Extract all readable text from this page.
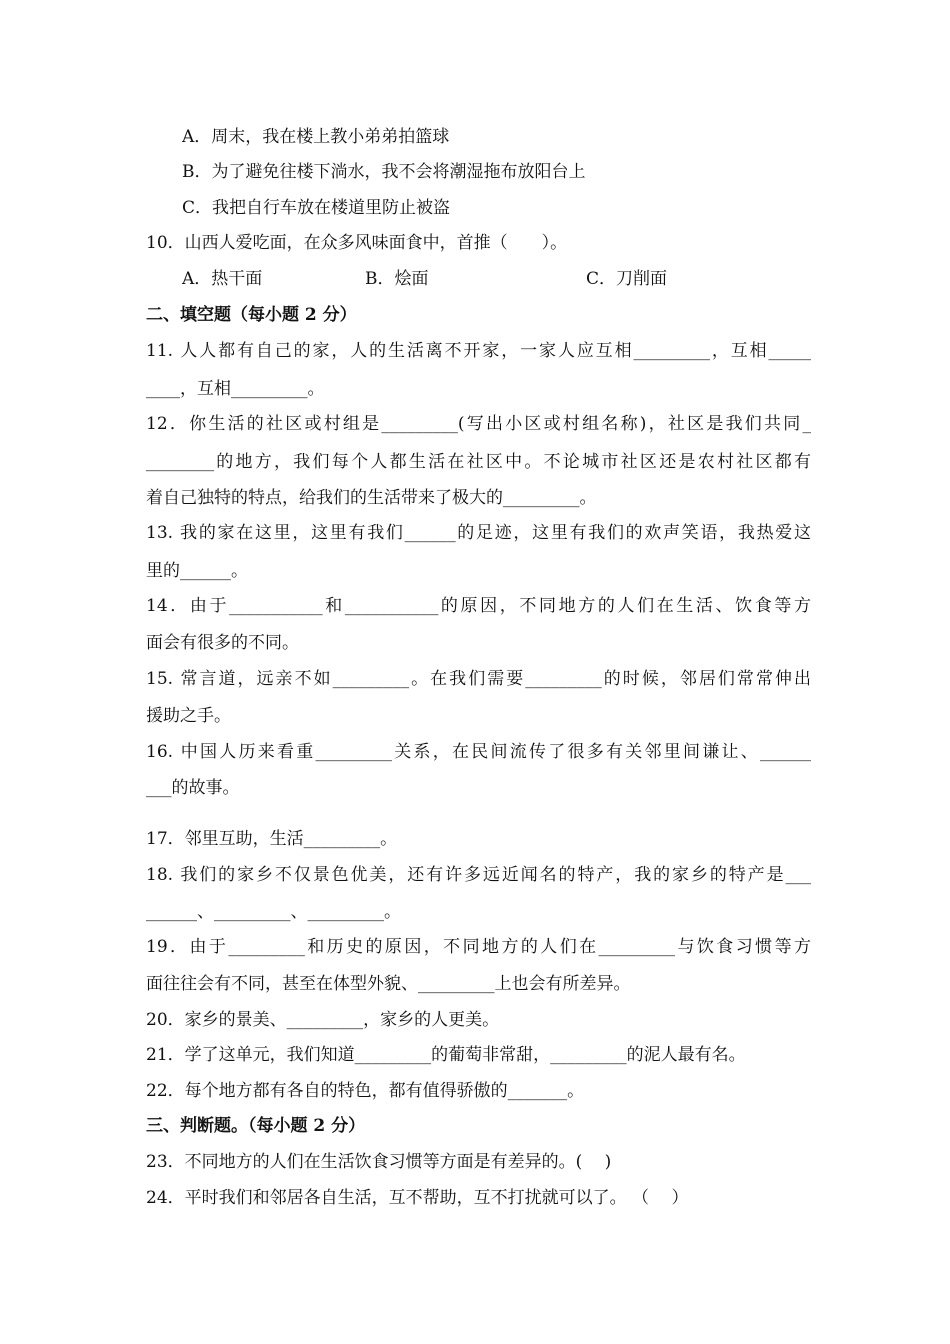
A．周末，我在楼上教小弟弟拍篮球
B．为了避免往楼下淌水，我不会将潮湿拖布放阳台上
C．我把自行车放在楼道里防止被盗
10．山西人爱吃面，在众多风味面食中，首推（　　）。
A．热干面	B．烩面	C．刀削面
二、填空题（每小题 2 分）
11. 人人都有自己的家，人的生活离不开家，一家人应互相_________，互相_____
____，互相_________。
12．你生活的社区或村组是_________(写出小区或村组名称)，社区是我们共同_
________的地方，我们每个人都生活在社区中。不论城市社区还是农村社区都有
着自己独特的特点，给我们的生活带来了极大的_________。
13. 我的家在这里，这里有我们______的足迹，这里有我们的欢声笑语，我热爱这
里的______。
14．由于___________和___________的原因，不同地方的人们在生活、饮食等方
面会有很多的不同。
15. 常言道，远亲不如_________。在我们需要_________的时候，邻居们常常伸出
援助之手。
16. 中国人历来看重_________关系，在民间流传了很多有关邻里间谦让、______
___的故事。
17．邻里互助，生活_________。
18. 我们的家乡不仅景色优美，还有许多远近闻名的特产，我的家乡的特产是___
______、_________、_________。
19．由于_________和历史的原因，不同地方的人们在_________与饮食习惯等方
面往往会有不同，甚至在体型外貌、_________上也会有所差异。
20．家乡的景美、_________，家乡的人更美。
21．学了这单元，我们知道_________的葡萄非常甜，_________的泥人最有名。
22．每个地方都有各自的特色，都有值得骄傲的_______。
三、判断题。（每小题 2 分）
23．不同地方的人们在生活饮食习惯等方面是有差异的。(　 )
24．平时我们和邻居各自生活，互不帮助，互不打扰就可以了。 （　 ）
